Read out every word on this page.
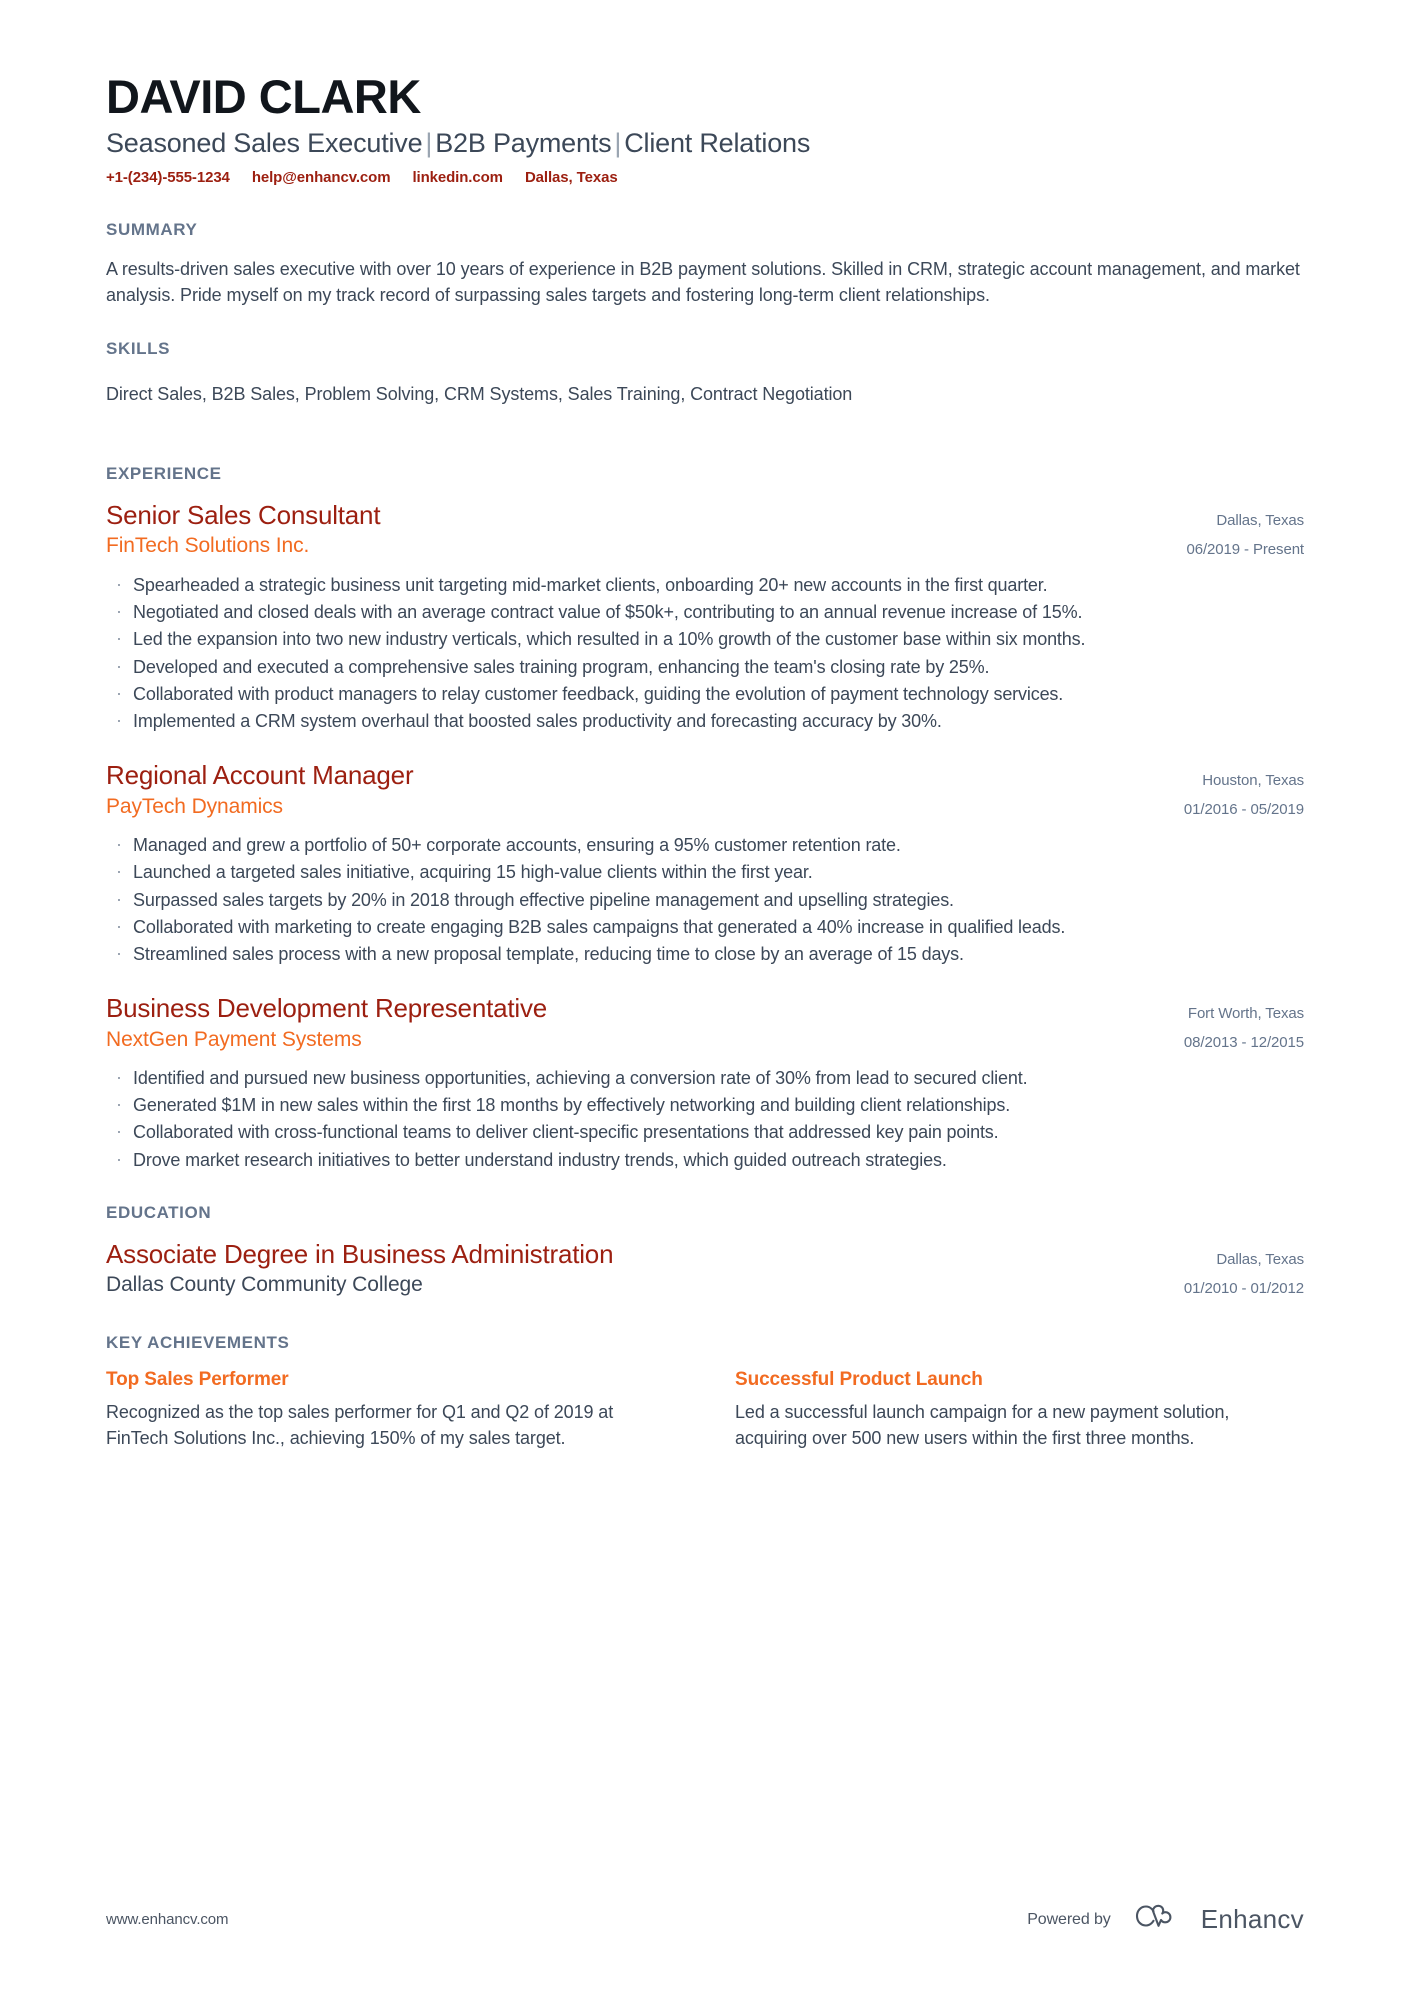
DAVID CLARK
Seasoned Sales Executive | B2B Payments | Client Relations
+1-(234)-555-1234 help@enhancv.com linkedin.com Dallas, Texas
SUMMARY

A results-driven sales executive with over 10 years of experience in B2B payment solutions. Skilled in CRM, strategic account management, and market analysis. Pride myself on my track record of surpassing sales targets and fostering long-term client relationships.

SKILLS

Direct Sales, B2B Sales, Problem Solving, CRM Systems, Sales Training, Contract Negotiation

EXPERIENCE
Senior Sales Consultant
FinTech Solutions Inc.
Dallas, Texas
06/2019 - Present
· Spearheaded a strategic business unit targeting mid-market clients, onboarding 20+ new accounts in the first quarter.
· Negotiated and closed deals with an average contract value of $50k+, contributing to an annual revenue increase of 15%.
· Led the expansion into two new industry verticals, which resulted in a 10% growth of the customer base within six months.
· Developed and executed a comprehensive sales training program, enhancing the team's closing rate by 25%.
· Collaborated with product managers to relay customer feedback, guiding the evolution of payment technology services.
· Implemented a CRM system overhaul that boosted sales productivity and forecasting accuracy by 30%.
Regional Account Manager
PayTech Dynamics
Houston, Texas
01/2016 - 05/2019
· Managed and grew a portfolio of 50+ corporate accounts, ensuring a 95% customer retention rate.
· Launched a targeted sales initiative, acquiring 15 high-value clients within the first year.
· Surpassed sales targets by 20% in 2018 through effective pipeline management and upselling strategies.
· Collaborated with marketing to create engaging B2B sales campaigns that generated a 40% increase in qualified leads.
· Streamlined sales process with a new proposal template, reducing time to close by an average of 15 days.
Business Development Representative
NextGen Payment Systems
Fort Worth, Texas
08/2013 - 12/2015
· Identified and pursued new business opportunities, achieving a conversion rate of 30% from lead to secured client.
· Generated $1M in new sales within the first 18 months by effectively networking and building client relationships.
· Collaborated with cross-functional teams to deliver client-specific presentations that addressed key pain points.
· Drove market research initiatives to better understand industry trends, which guided outreach strategies.
EDUCATION
Associate Degree in Business Administration
Dallas County Community College
Dallas, Texas
01/2010 - 01/2012
KEY ACHIEVEMENTS
Top Sales Performer

Recognized as the top sales performer for Q1 and Q2 of 2019 at FinTech Solutions Inc., achieving 150% of my sales target.

Successful Product Launch

Led a successful launch campaign for a new payment solution, acquiring over 500 new users within the first three months.

www.enhancv.com	Powered by	Enhancv
